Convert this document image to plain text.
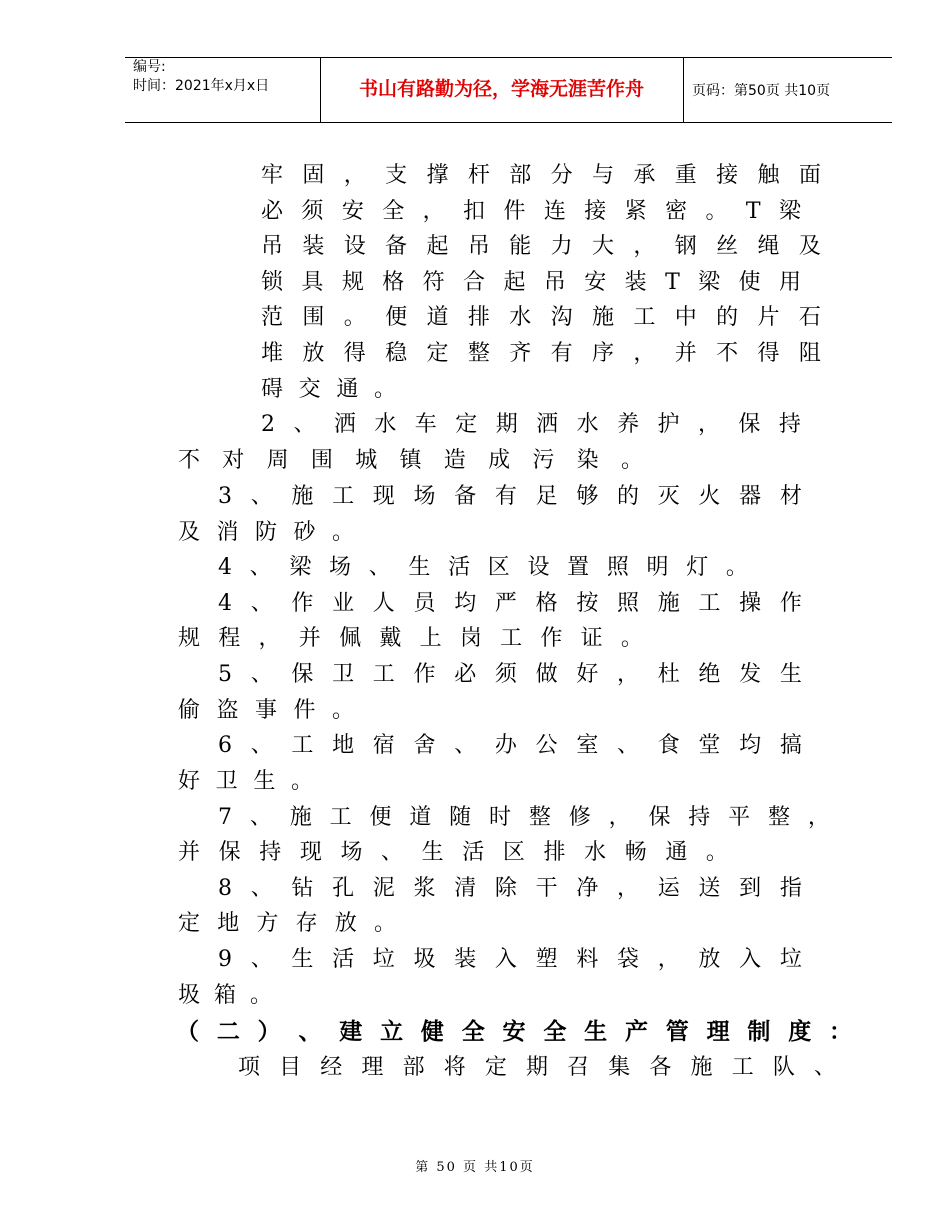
编号:
时间：2021年x月x日	书山有路勤为径，学海无涯苦作舟	页码：第50页 共10页
牢 固 ， 支 撑 杆 部 分 与 承 重 接 触 面
必 须 安 全 ， 扣 件 连 接 紧 密 。 T 梁
吊 装 设 备 起 吊 能 力 大 ， 钢 丝 绳 及
锁 具 规 格 符 合 起 吊 安 装 T 梁 使 用
范 围 。 便 道 排 水 沟 施 工 中 的 片 石
堆 放 得 稳 定 整 齐 有 序 ， 并 不 得 阻
碍 交 通 。
2 、 洒 水 车 定 期 洒 水 养 护 ， 保 持
不 对 周 围 城 镇 造 成 污 染 。
3 、 施 工 现 场 备 有 足 够 的 灭 火 器 材
及 消 防 砂 。
4 、 梁 场 、 生 活 区 设 置 照 明 灯 。
4 、 作 业 人 员 均 严 格 按 照 施 工 操 作
规 程 ， 并 佩 戴 上 岗 工 作 证 。
5 、 保 卫 工 作 必 须 做 好 ， 杜 绝 发 生
偷 盗 事 件 。
6 、 工 地 宿 舍 、 办 公 室 、 食 堂 均 搞
好 卫 生 。
7 、 施 工 便 道 随 时 整 修 ， 保 持 平 整 ，
并 保 持 现 场 、 生 活 区 排 水 畅 通 。
8 、 钻 孔 泥 浆 清 除 干 净 ， 运 送 到 指
定 地 方 存 放 。
9 、 生 活 垃 圾 装 入 塑 料 袋 ， 放 入 垃
圾 箱 。
（ 二 ） 、 建 立 健 全 安 全 生 产 管 理 制 度 ：
项 目 经 理 部 将 定 期 召 集 各 施 工 队 、
第 50 页 共10页
